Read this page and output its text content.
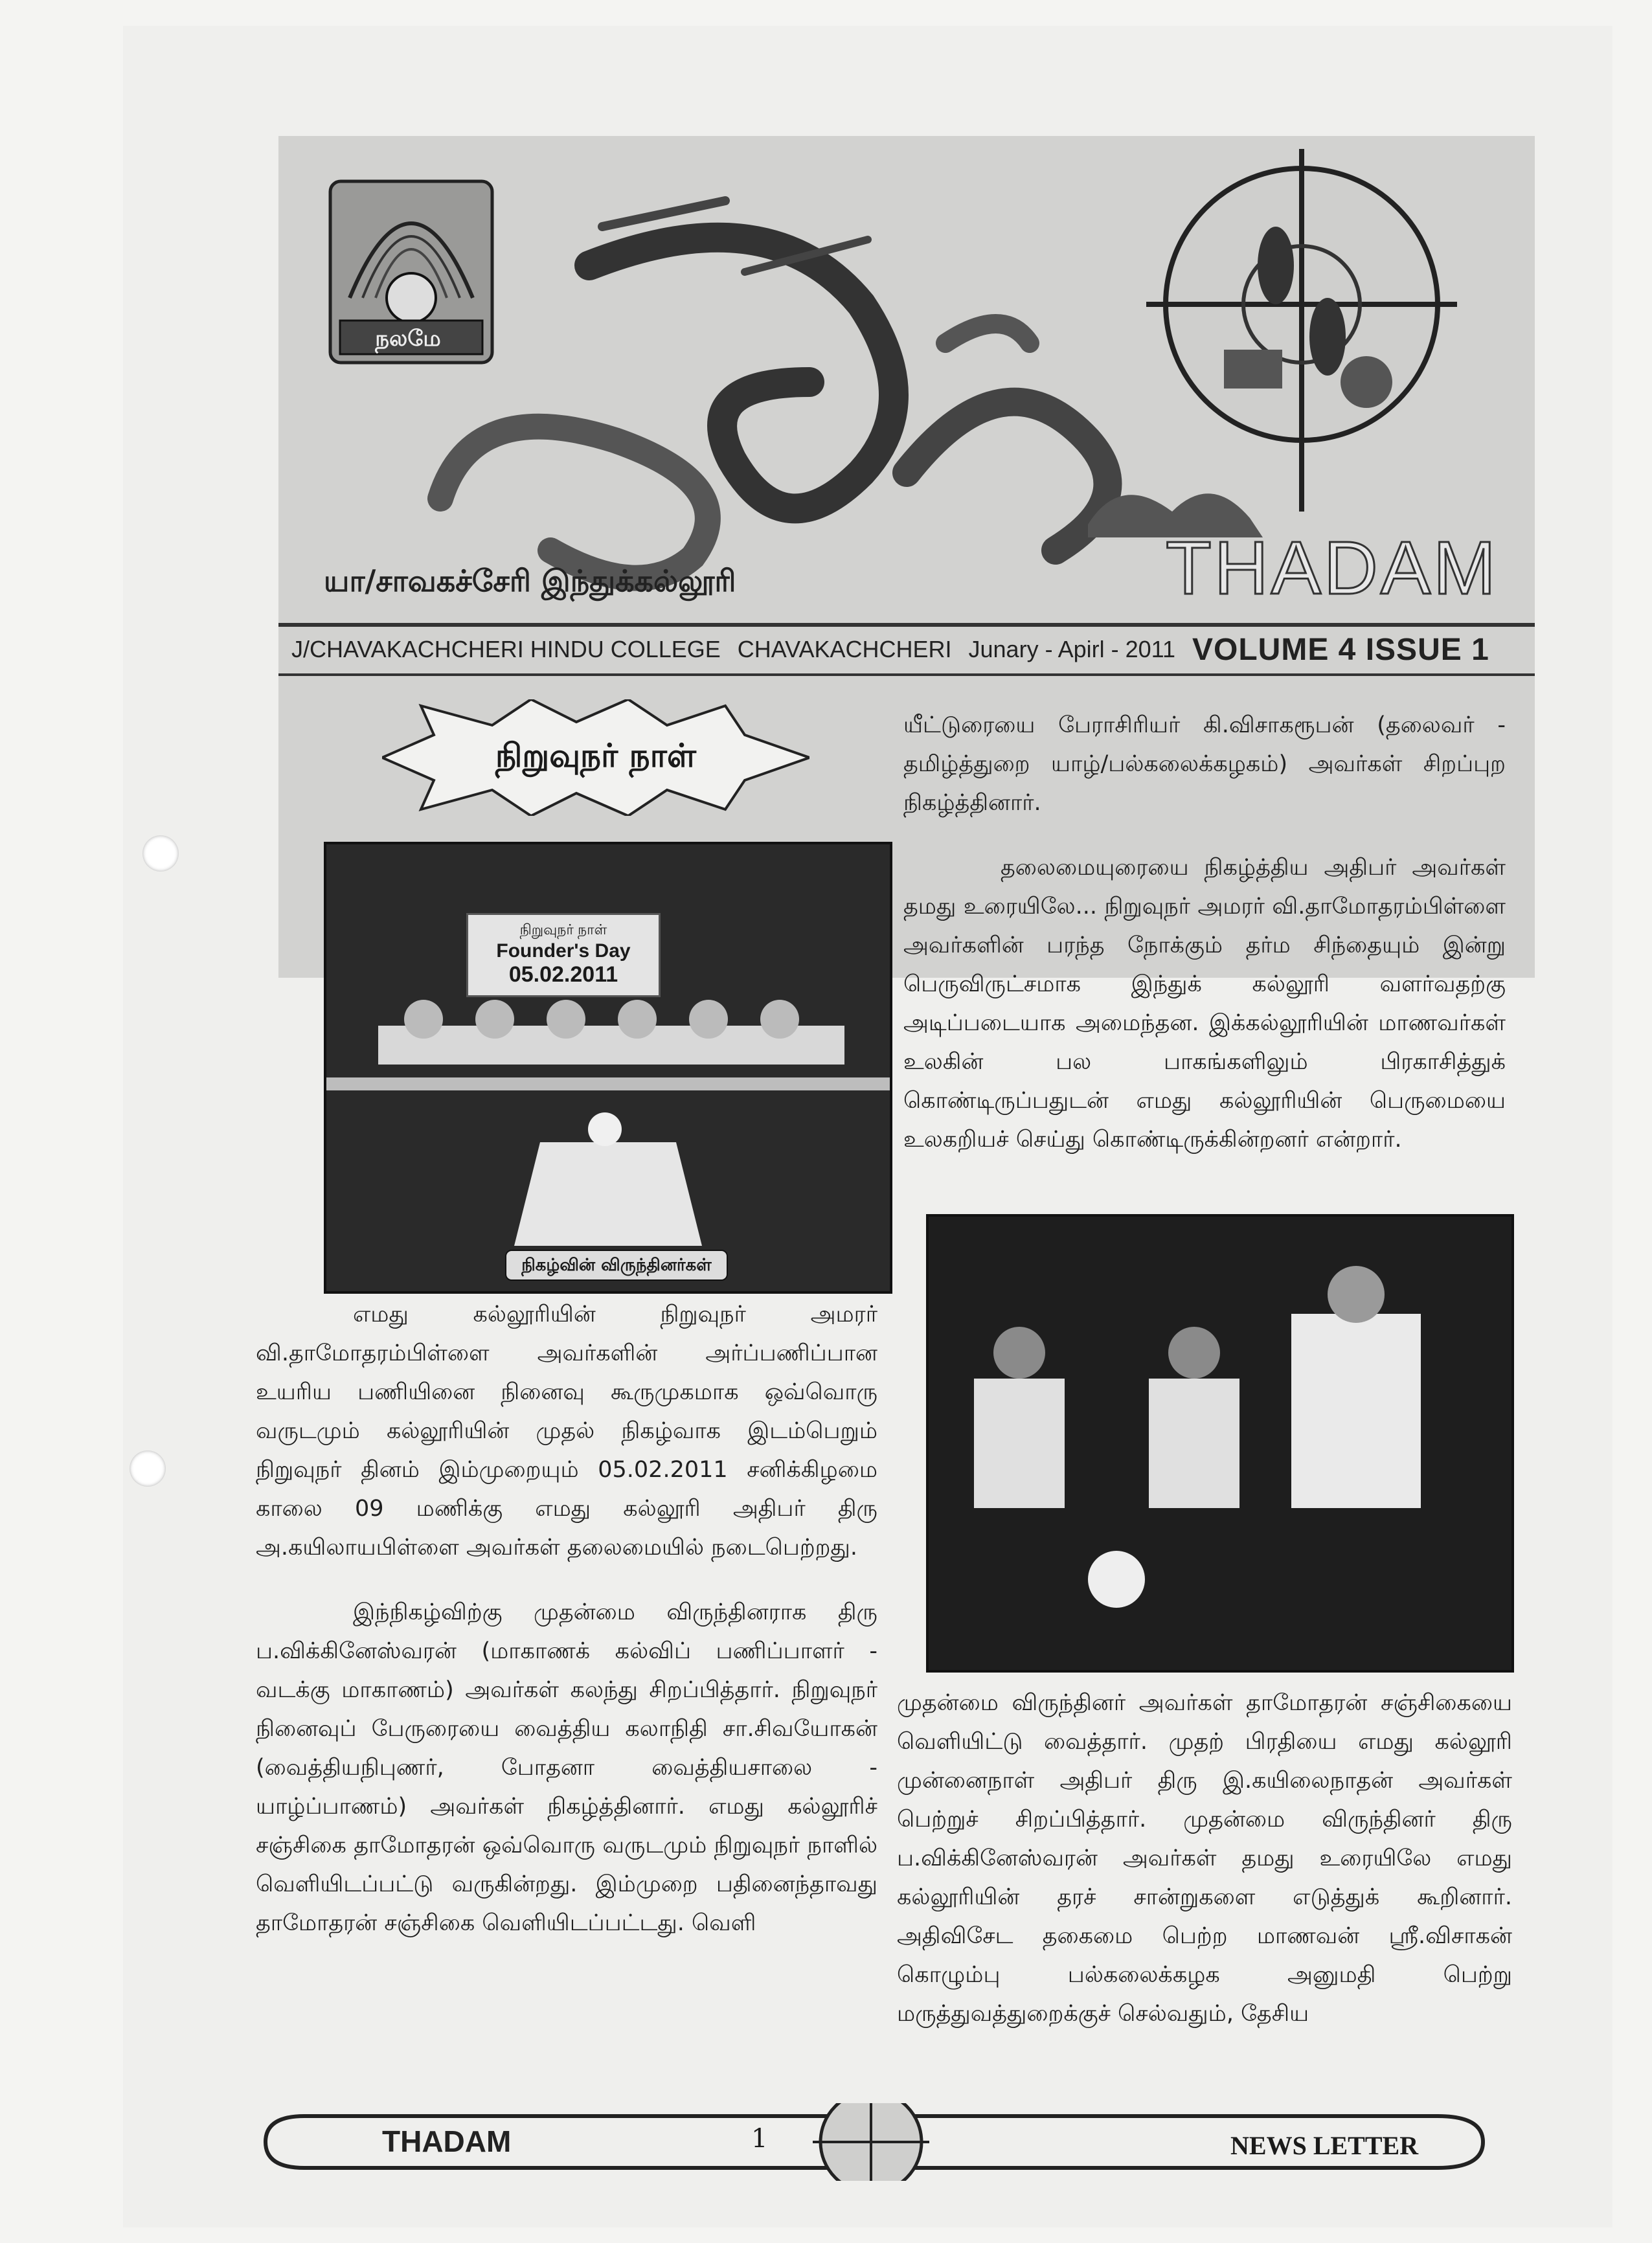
நலமே
யா/சாவகச்சேரி இந்துக்கல்லூரி	THADAM
J/CHAVAKACHCHERI HINDU COLLEGE CHAVAKACHCHERI Junary - Apirl - 2011 VOLUME 4 ISSUE 1
நிறுவுநர் நாள்

யீட்டுரையை பேராசிரியர் கி.விசாகரூபன் (தலைவர் - தமிழ்த்துறை யாழ்/பல்கலைக்கழகம்) அவர்கள் சிறப்புற நிகழ்த்தினார்.

தலைமையுரையை நிகழ்த்திய அதிபர் அவர்கள் தமது உரையிலே... நிறுவுநர் அமரர் வி.தாமோதரம்பிள்ளை அவர்களின் பரந்த நோக்கும் தர்ம சிந்தையும் இன்று பெருவிருட்சமாக இந்துக் கல்லூரி வளர்வதற்கு அடிப்படையாக அமைந்தன. இக்கல்லூரியின் மாணவர்கள் உலகின் பல பாகங்களிலும் பிரகாசித்துக் கொண்டிருப்பதுடன் எமது கல்லூரியின் பெருமையை உலகறியச் செய்து கொண்டிருக்கின்றனர் என்றார்.

நிறுவுநர் நாள்
Founder's Day
05.02.2011
நிகழ்வின் விருந்தினர்கள்

எமது கல்லூரியின் நிறுவுநர் அமரர் வி.தாமோதரம்பிள்ளை அவர்களின் அர்ப்பணிப்பான உயரிய பணியினை நினைவு கூருமுகமாக ஒவ்வொரு வருடமும் கல்லூரியின் முதல் நிகழ்வாக இடம்பெறும் நிறுவுநர் தினம் இம்முறையும் 05.02.2011 சனிக்கிழமை காலை 09 மணிக்கு எமது கல்லூரி அதிபர் திரு அ.கயிலாயபிள்ளை அவர்கள் தலைமையில் நடைபெற்றது.

இந்நிகழ்விற்கு முதன்மை விருந்தினராக திரு ப.விக்கினேஸ்வரன் (மாகாணக் கல்விப் பணிப்பாளர் - வடக்கு மாகாணம்) அவர்கள் கலந்து சிறப்பித்தார். நிறுவுநர் நினைவுப் பேருரையை வைத்திய கலாநிதி சா.சிவயோகன் (வைத்தியநிபுணர், போதனா வைத்தியசாலை - யாழ்ப்பாணம்) அவர்கள் நிகழ்த்தினார். எமது கல்லூரிச் சஞ்சிகை தாமோதரன் ஒவ்வொரு வருடமும் நிறுவுநர் நாளில் வெளியிடப்பட்டு வருகின்றது. இம்முறை பதினைந்தாவது தாமோதரன் சஞ்சிகை வெளியிடப்பட்டது. வெளி

முதன்மை விருந்தினர் அவர்கள் தாமோதரன் சஞ்சிகையை வெளியிட்டு வைத்தார். முதற் பிரதியை எமது கல்லூரி முன்னைநாள் அதிபர் திரு இ.கயிலைநாதன் அவர்கள் பெற்றுச் சிறப்பித்தார். முதன்மை விருந்தினர் திரு ப.விக்கினேஸ்வரன் அவர்கள் தமது உரையிலே எமது கல்லூரியின் தரச் சான்றுகளை எடுத்துக் கூறினார். அதிவிசேட தகைமை பெற்ற மாணவன் ஸ்ரீ.விசாகன் கொழும்பு பல்கலைக்கழக அனுமதி பெற்று மருத்துவத்துறைக்குச் செல்வதும், தேசிய

THADAM	1	NEWS LETTER
